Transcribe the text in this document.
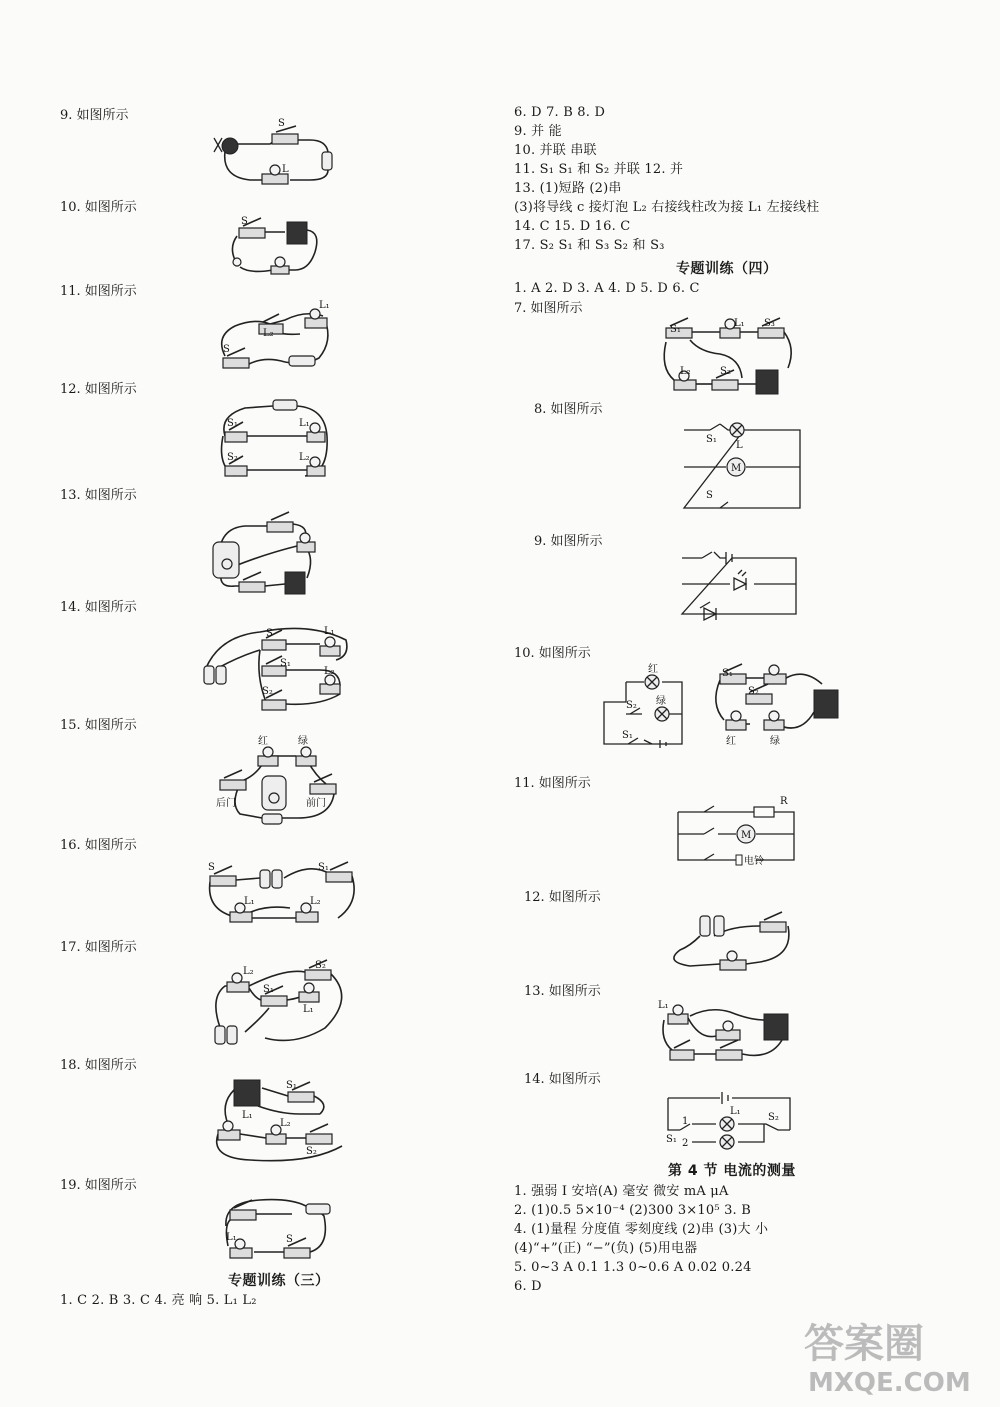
9. 如图所示
S
L
10. 如图所示
S
11. 如图所示
S
L₂
L₁
12. 如图所示
S₁	L₁
S₂	L₂
13. 如图所示
14. 如图所示
S	L₁
S₁
L₂
S₂
15. 如图所示
红	绿
后门	前门
16. 如图所示
S	S₁
L₁	L₂
17. 如图所示
L₂
S₂
S₁
L₁
18. 如图所示
L₁
S₁
L₂
S₂
19. 如图所示
L₁	S
专题训练（三）
1. C 2. B 3. C 4. 亮 响 5. L₁ L₂
6. D 7. B 8. D
9. 并 能
10. 并联 串联
11. S₁ S₁ 和 S₂ 并联 12. 并
13. (1)短路 (2)串
(3)将导线 c 接灯泡 L₂ 右接线柱改为接 L₁ 左接线柱
14. C 15. D 16. C
17. S₂ S₁ 和 S₃ S₂ 和 S₃
专题训练（四）
1. A 2. D 3. A 4. D 5. D 6. C
7. 如图所示
S₁
L₁ S₃
L₂	S₂
8. 如图所示
L
S₁
M
S
9. 如图所示
10. 如图所示
红
绿
S₂
S₁
S₁
S₂
红	绿
11. 如图所示
R
M
电铃
12. 如图所示
13. 如图所示
L₁
14. 如图所示
1
2
S₁
L₁
S₂
第 4 节 电流的测量
1. 强弱 I 安培(A) 毫安 微安 mA μA
2. (1)0.5 5×10⁻⁴ (2)300 3×10⁵ 3. B
4. (1)量程 分度值 零刻度线 (2)串 (3)大 小
(4)“+”(正) “−”(负) (5)用电器
5. 0~3 A 0.1 1.3 0~0.6 A 0.02 0.24
6. D
答案圈
MXQE.COM
